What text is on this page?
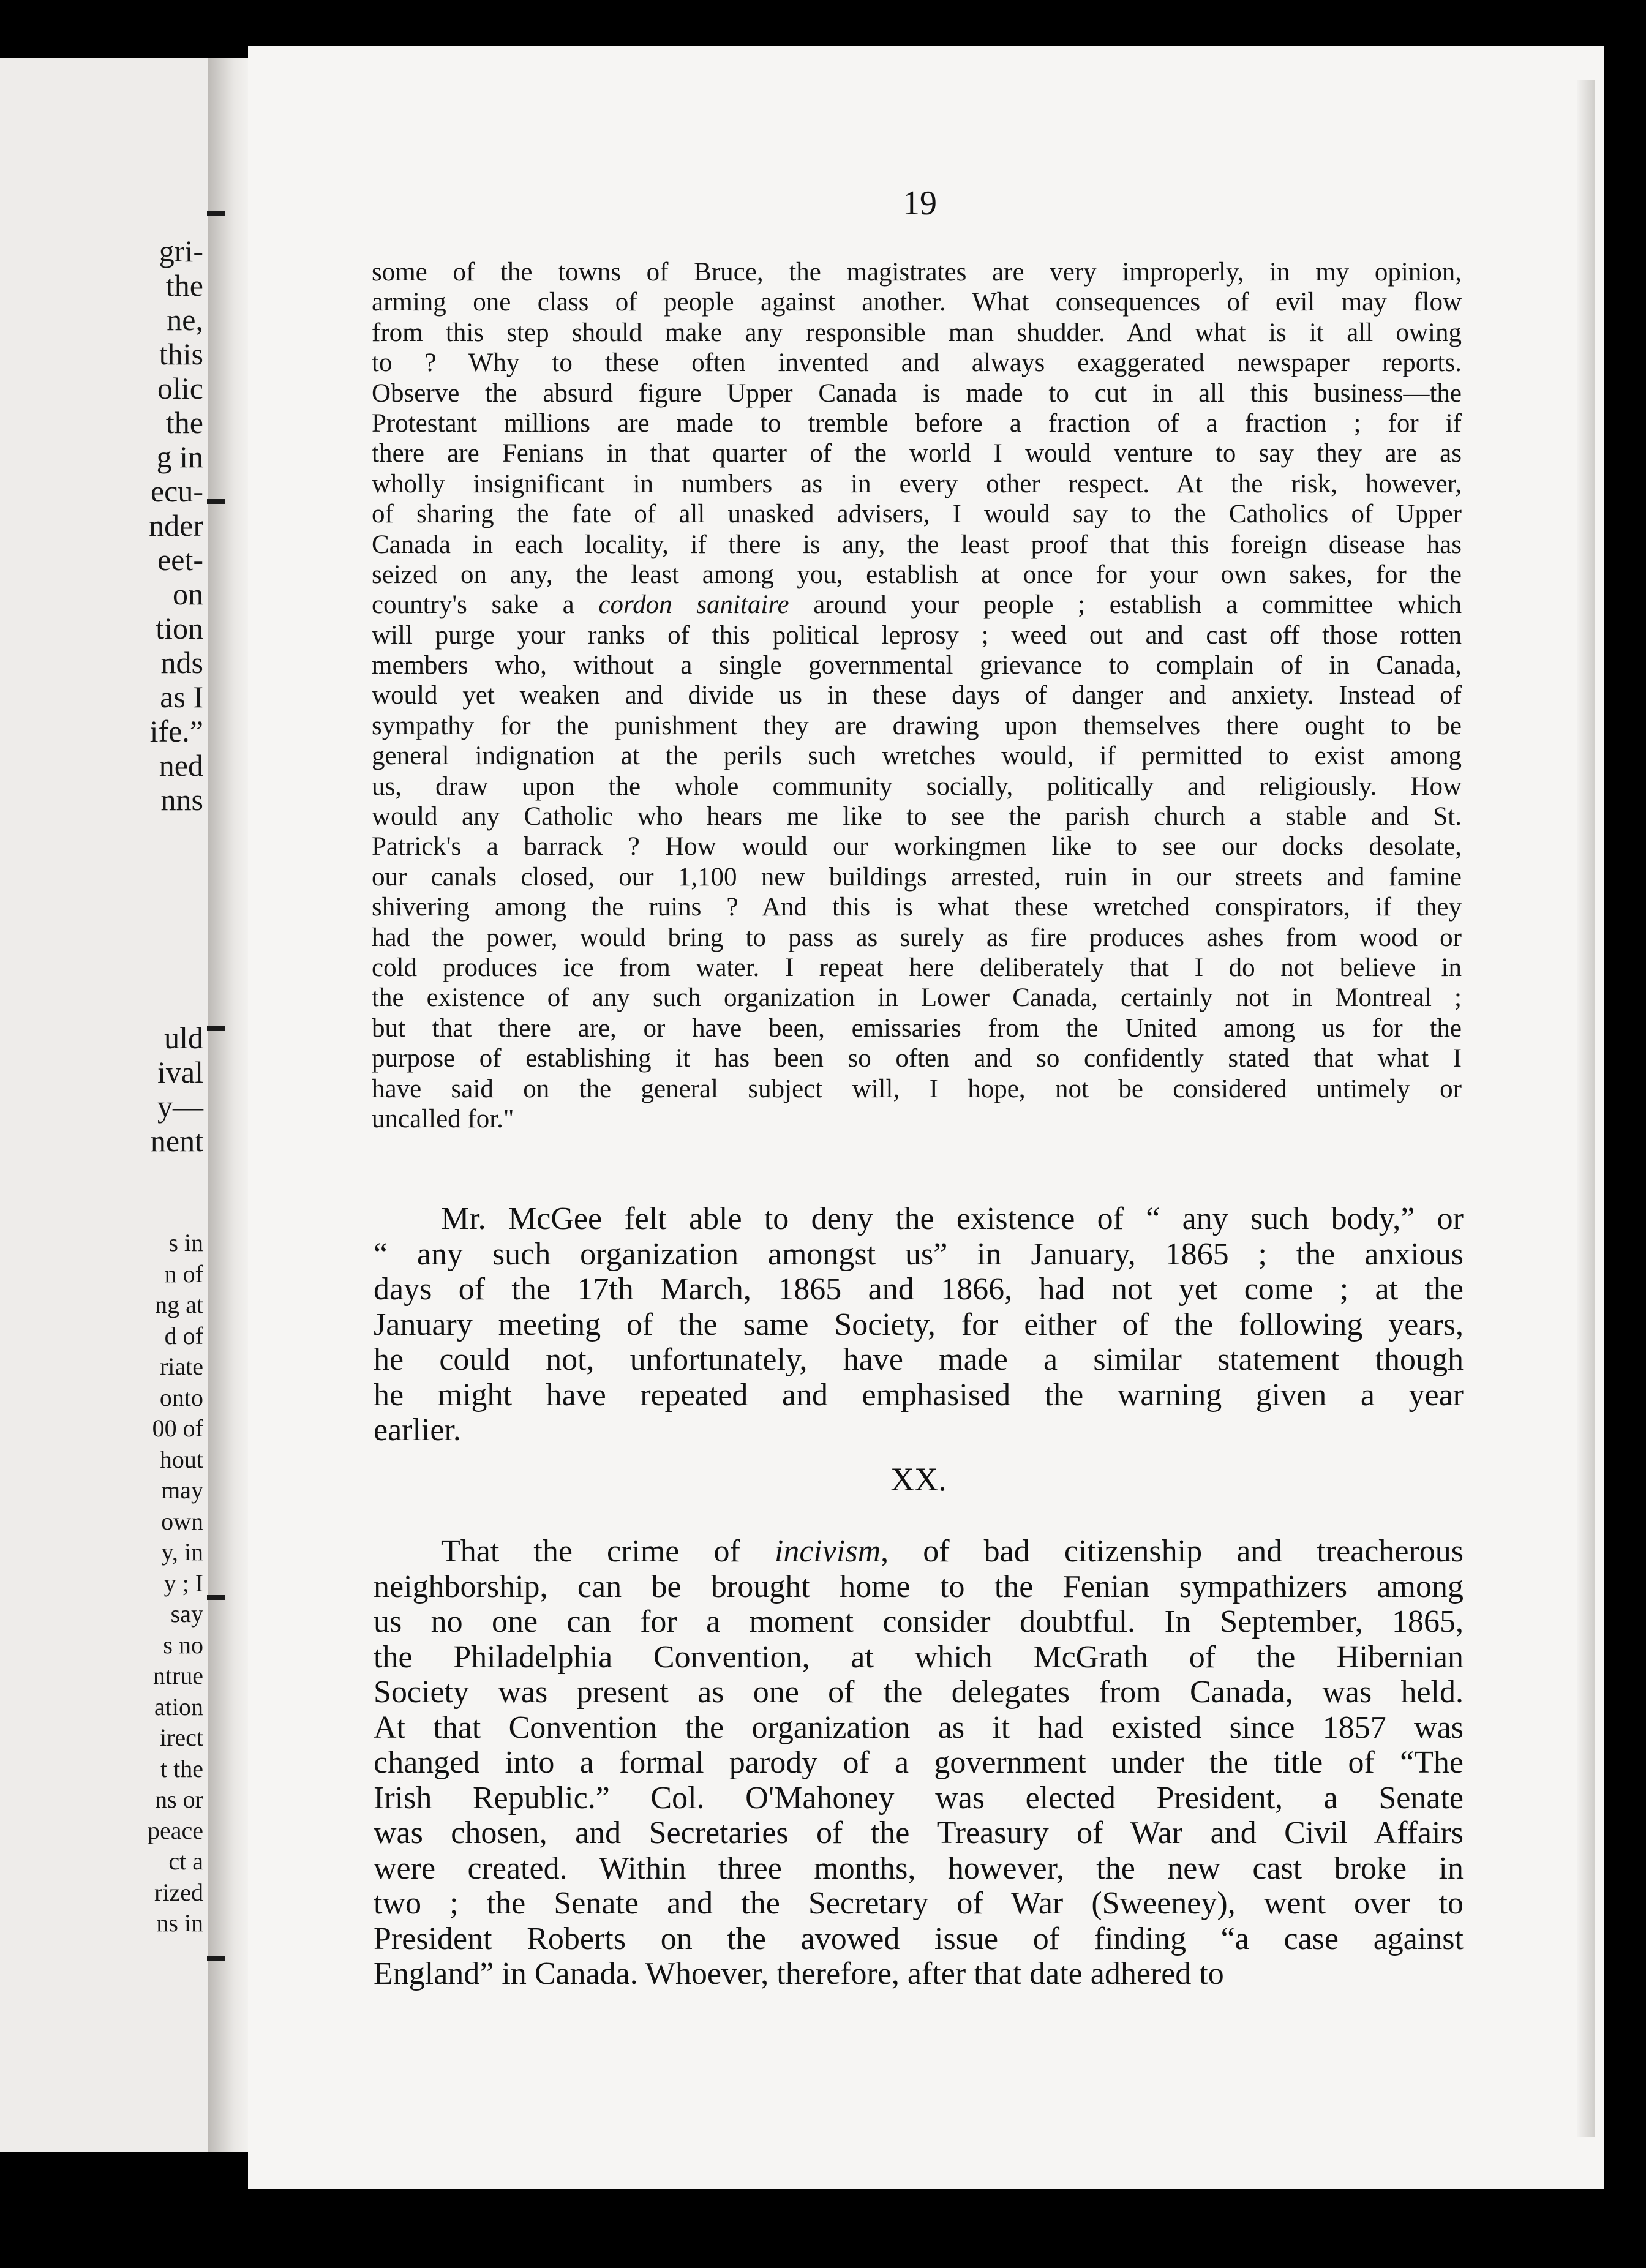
gri-
the
ne,
this
olic
the
g in
ecu-
nder
eet-
on
tion
nds
as I
ife.”
ned
nns
uld
ival
y—
nent
s in
n of
ng at
d of
riate
onto
00 of
hout
may
own
y, in
y ; I
say
s no
ntrue
ation
irect
t the
ns or
peace
ct a
rized
ns in
19
some of the towns of Bruce, the magistrates are very improperly, in my opinion,
arming one class of people against another. What consequences of evil may flow
from this step should make any responsible man shudder. And what is it all owing
to ? Why to these often invented and always exaggerated newspaper reports.
Observe the absurd figure Upper Canada is made to cut in all this business—the
Protestant millions are made to tremble before a fraction of a fraction ; for if
there are Fenians in that quarter of the world I would venture to say they are as
wholly insignificant in numbers as in every other respect. At the risk, however,
of sharing the fate of all unasked advisers, I would say to the Catholics of Upper
Canada in each locality, if there is any, the least proof that this foreign disease has
seized on any, the least among you, establish at once for your own sakes, for the
country's sake a cordon sanitaire around your people ; establish a committee which
will purge your ranks of this political leprosy ; weed out and cast off those rotten
members who, without a single governmental grievance to complain of in Canada,
would yet weaken and divide us in these days of danger and anxiety. Instead of
sympathy for the punishment they are drawing upon themselves there ought to be
general indignation at the perils such wretches would, if permitted to exist among
us, draw upon the whole community socially, politically and religiously. How
would any Catholic who hears me like to see the parish church a stable and St.
Patrick's a barrack ? How would our workingmen like to see our docks desolate,
our canals closed, our 1,100 new buildings arrested, ruin in our streets and famine
shivering among the ruins ? And this is what these wretched conspirators, if they
had the power, would bring to pass as surely as fire produces ashes from wood or
cold produces ice from water. I repeat here deliberately that I do not believe in
the existence of any such organization in Lower Canada, certainly not in Montreal ;
but that there are, or have been, emissaries from the United among us for the
purpose of establishing it has been so often and so confidently stated that what I
have said on the general subject will, I hope, not be considered untimely or
uncalled for."
Mr. McGee felt able to deny the existence of “ any such body,” or
“ any such organization amongst us” in January, 1865 ; the anxious
days of the 17th March, 1865 and 1866, had not yet come ; at the
January meeting of the same Society, for either of the following years,
he could not, unfortunately, have made a similar statement though
he might have repeated and emphasised the warning given a year
earlier.
XX.
That the crime of incivism, of bad citizenship and treacherous
neighborship, can be brought home to the Fenian sympathizers among
us no one can for a moment consider doubtful. In September, 1865,
the Philadelphia Convention, at which McGrath of the Hibernian
Society was present as one of the delegates from Canada, was held.
At that Convention the organization as it had existed since 1857 was
changed into a formal parody of a government under the title of “The
Irish Republic.” Col. O'Mahoney was elected President, a Senate
was chosen, and Secretaries of the Treasury of War and Civil Affairs
were created. Within three months, however, the new cast broke in
two ; the Senate and the Secretary of War (Sweeney), went over to
President Roberts on the avowed issue of finding “a case against
England” in Canada. Whoever, therefore, after that date adhered to
